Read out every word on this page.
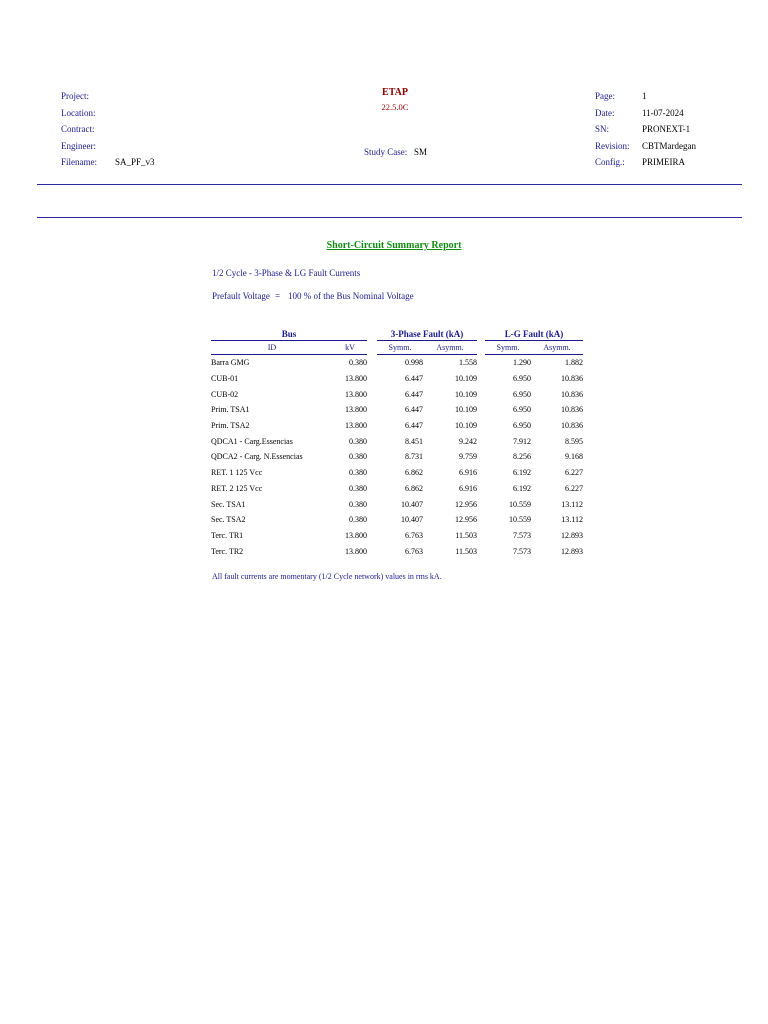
Project:
Location:
Contract:
Engineer:
Filename: SA_PF_v3
ETAP
22.5.0C
Study Case: SM
Page:	1
Date:	11-07-2024
SN:	PRONEXT-1
Revision: CBTMardegan
Config.: PRIMEIRA
Short-Circuit Summary Report
1/2 Cycle - 3-Phase & LG Fault Currents
Prefault Voltage = 100 % of the Bus Nominal Voltage
Bus			3-Phase Fault (kA)			L-G Fault (kA)	
ID	kV		Symm.	Asymm.		Symm.	Asymm.
Barra GMG	0.380		0.998	1.558		1.290	1.882
CUB-01	13.800		6.447	10.109		6.950	10.836
CUB-02	13.800		6.447	10.109		6.950	10.836
Prim. TSA1	13.800		6.447	10.109		6.950	10.836
Prim. TSA2	13.800		6.447	10.109		6.950	10.836
QDCA1 - Carg.Essencias	0.380		8.451	9.242		7.912	8.595
QDCA2 - Carg. N.Essencias	0.380		8.731	9.759		8.256	9.168
RET. 1 125 Vcc	0.380		6.862	6.916		6.192	6.227
RET. 2 125 Vcc	0.380		6.862	6.916		6.192	6.227
Sec. TSA1	0.380		10.407	12.956		10.559	13.112
Sec. TSA2	0.380		10.407	12.956		10.559	13.112
Terc. TR1	13.800		6.763	11.503		7.573	12.893
Terc. TR2	13.800		6.763	11.503		7.573	12.893
All fault currents are momentary (1/2 Cycle network) values in rms kA.
